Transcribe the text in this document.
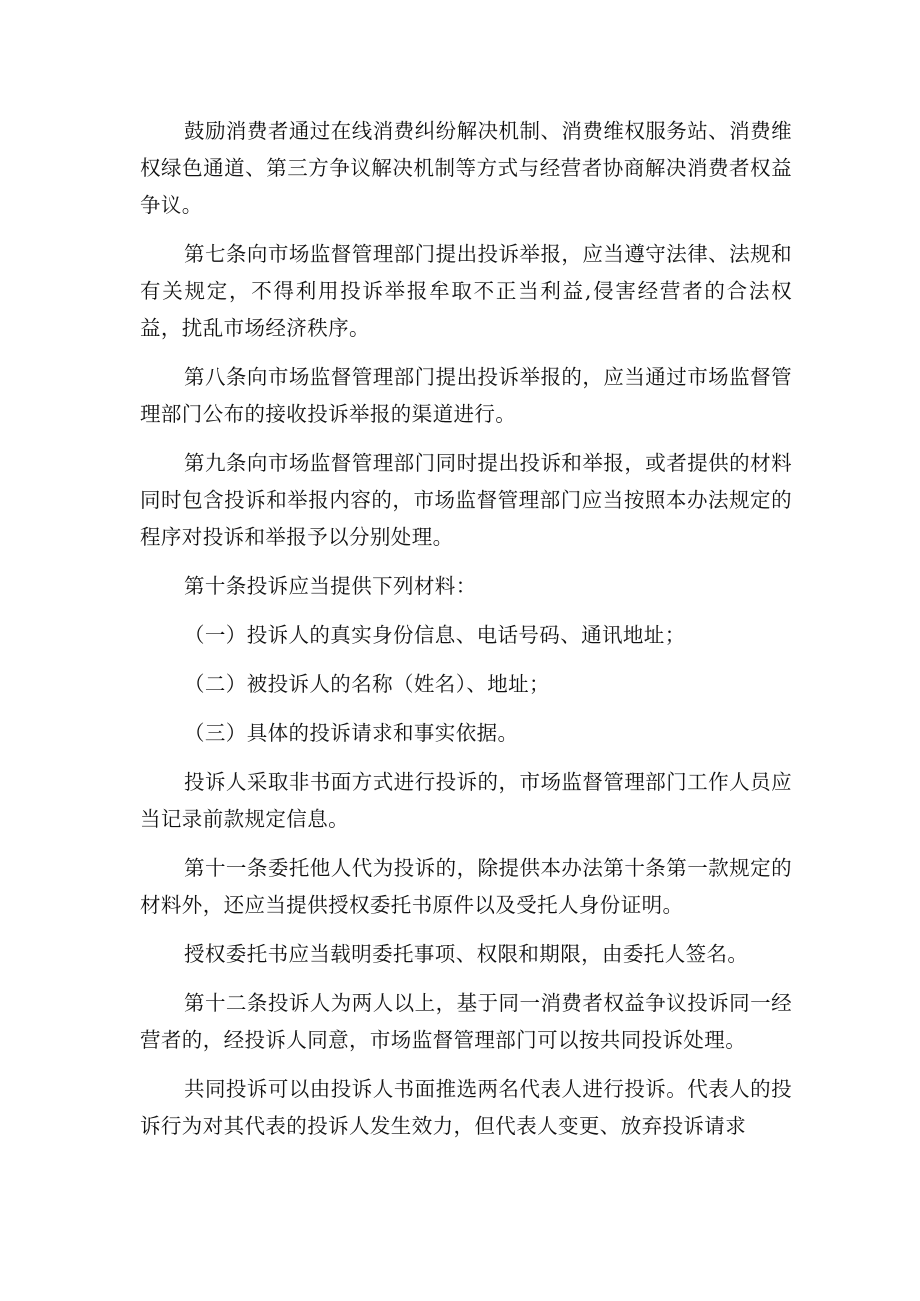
鼓励消费者通过在线消费纠纷解决机制、消费维权服务站、消费维权绿色通道、第三方争议解决机制等方式与经营者协商解决消费者权益争议。

第七条向市场监督管理部门提出投诉举报，应当遵守法律、法规和有关规定，不得利用投诉举报牟取不正当利益,侵害经营者的合法权益，扰乱市场经济秩序。

第八条向市场监督管理部门提出投诉举报的，应当通过市场监督管理部门公布的接收投诉举报的渠道进行。

第九条向市场监督管理部门同时提出投诉和举报，或者提供的材料同时包含投诉和举报内容的，市场监督管理部门应当按照本办法规定的程序对投诉和举报予以分别处理。

第十条投诉应当提供下列材料：

（一）投诉人的真实身份信息、电话号码、通讯地址；

（二）被投诉人的名称（姓名）、地址；

（三）具体的投诉请求和事实依据。

投诉人采取非书面方式进行投诉的，市场监督管理部门工作人员应当记录前款规定信息。

第十一条委托他人代为投诉的，除提供本办法第十条第一款规定的材料外，还应当提供授权委托书原件以及受托人身份证明。

授权委托书应当载明委托事项、权限和期限，由委托人签名。

第十二条投诉人为两人以上，基于同一消费者权益争议投诉同一经营者的，经投诉人同意，市场监督管理部门可以按共同投诉处理。

共同投诉可以由投诉人书面推选两名代表人进行投诉。代表人的投诉行为对其代表的投诉人发生效力，但代表人变更、放弃投诉请求
